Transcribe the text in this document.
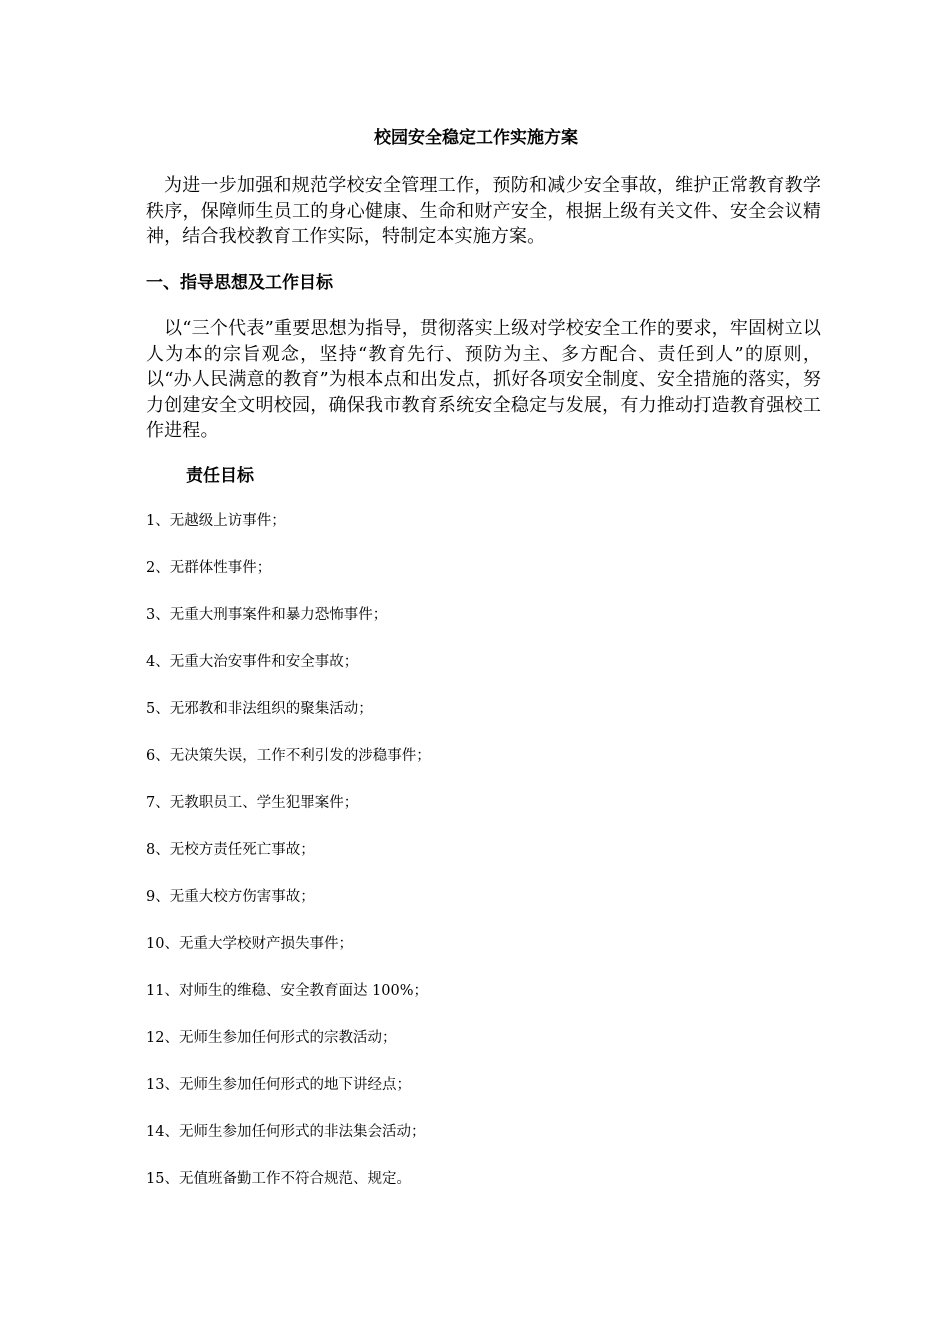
校园安全稳定工作实施方案

为进一步加强和规范学校安全管理工作，预防和减少安全事故，维护正常教育教学秩序，保障师生员工的身心健康、生命和财产安全，根据上级有关文件、安全会议精神，结合我校教育工作实际，特制定本实施方案。

一、指导思想及工作目标

以“三个代表”重要思想为指导，贯彻落实上级对学校安全工作的要求，牢固树立以人为本的宗旨观念，坚持“教育先行、预防为主、多方配合、责任到人”的原则，以“办人民满意的教育”为根本点和出发点，抓好各项安全制度、安全措施的落实，努力创建安全文明校园，确保我市教育系统安全稳定与发展，有力推动打造教育强校工作进程。

责任目标
1、无越级上访事件；
2、无群体性事件；
3、无重大刑事案件和暴力恐怖事件；
4、无重大治安事件和安全事故；
5、无邪教和非法组织的聚集活动；
6、无决策失误，工作不利引发的涉稳事件；
7、无教职员工、学生犯罪案件；
8、无校方责任死亡事故；
9、无重大校方伤害事故；
10、无重大学校财产损失事件；
11、对师生的维稳、安全教育面达 100%；
12、无师生参加任何形式的宗教活动；
13、无师生参加任何形式的地下讲经点；
14、无师生参加任何形式的非法集会活动；
15、无值班备勤工作不符合规范、规定。
